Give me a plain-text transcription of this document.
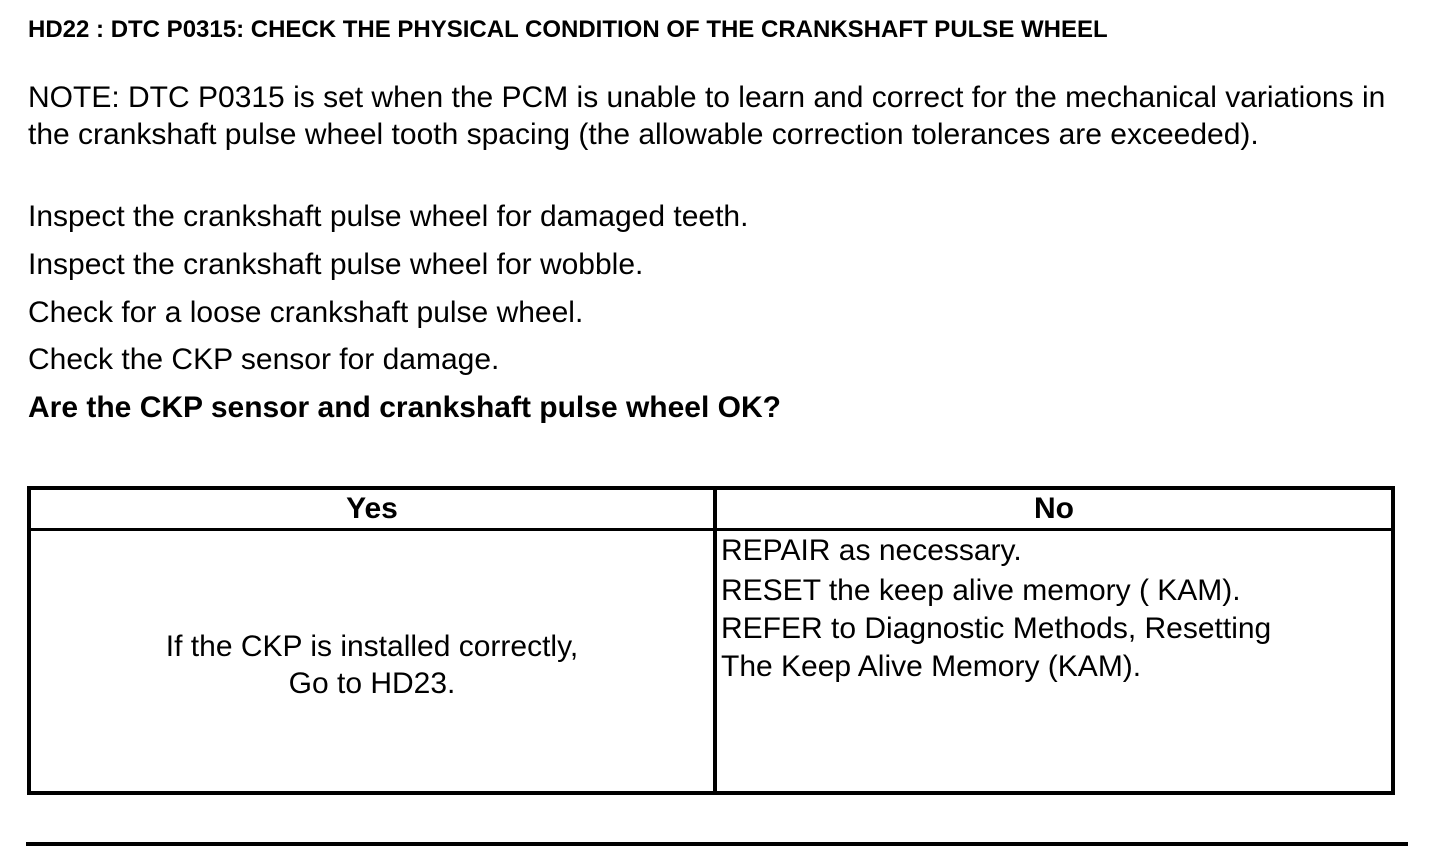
HD22 : DTC P0315: CHECK THE PHYSICAL CONDITION OF THE CRANKSHAFT PULSE WHEEL
NOTE: DTC P0315 is set when the PCM is unable to learn and correct for the mechanical variations in the crankshaft pulse wheel tooth spacing (the allowable correction tolerances are exceeded).
Inspect the crankshaft pulse wheel for damaged teeth.
Inspect the crankshaft pulse wheel for wobble.
Check for a loose crankshaft pulse wheel.
Check the CKP sensor for damage.
Are the CKP sensor and crankshaft pulse wheel OK?
Yes	No
If the CKP is installed correctly,
Go to HD23.
REPAIR as necessary.
RESET the keep alive memory ( KAM).
REFER to Diagnostic Methods, Resetting
The Keep Alive Memory (KAM).
